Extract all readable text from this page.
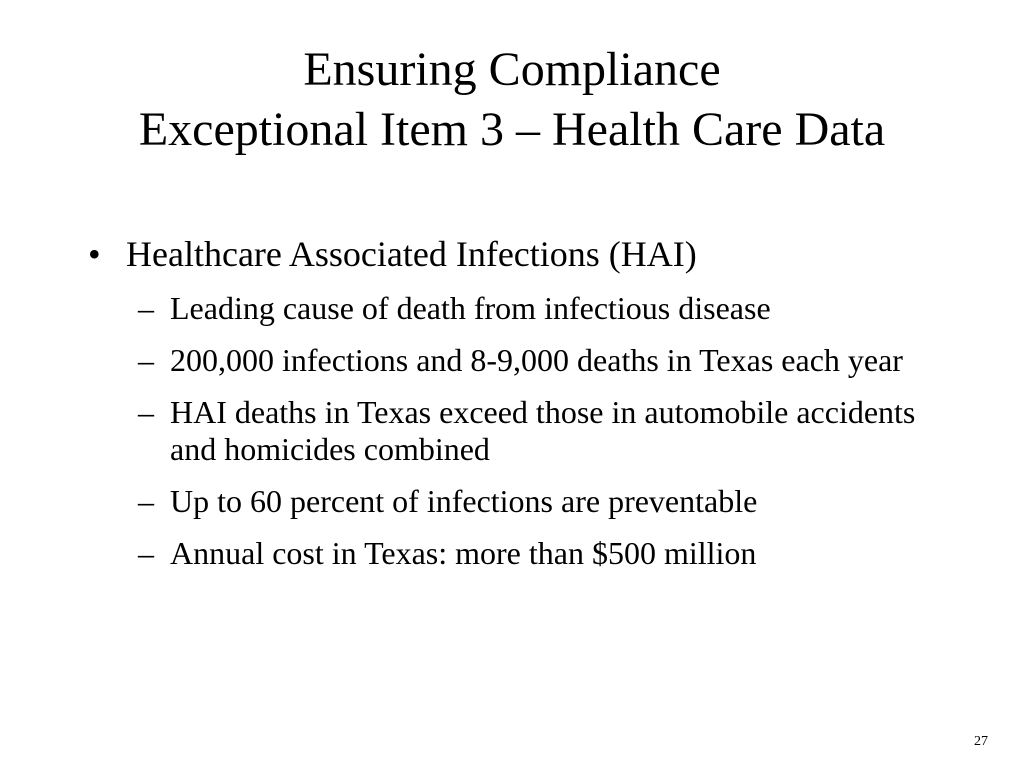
Ensuring Compliance
Exceptional Item 3 – Health Care Data
• Healthcare Associated Infections (HAI)
– Leading cause of death from infectious disease
– 200,000 infections and 8-9,000 deaths in Texas each year
– HAI deaths in Texas exceed those in automobile accidents and homicides combined
– Up to 60 percent of infections are preventable
– Annual cost in Texas: more than $500 million
27
